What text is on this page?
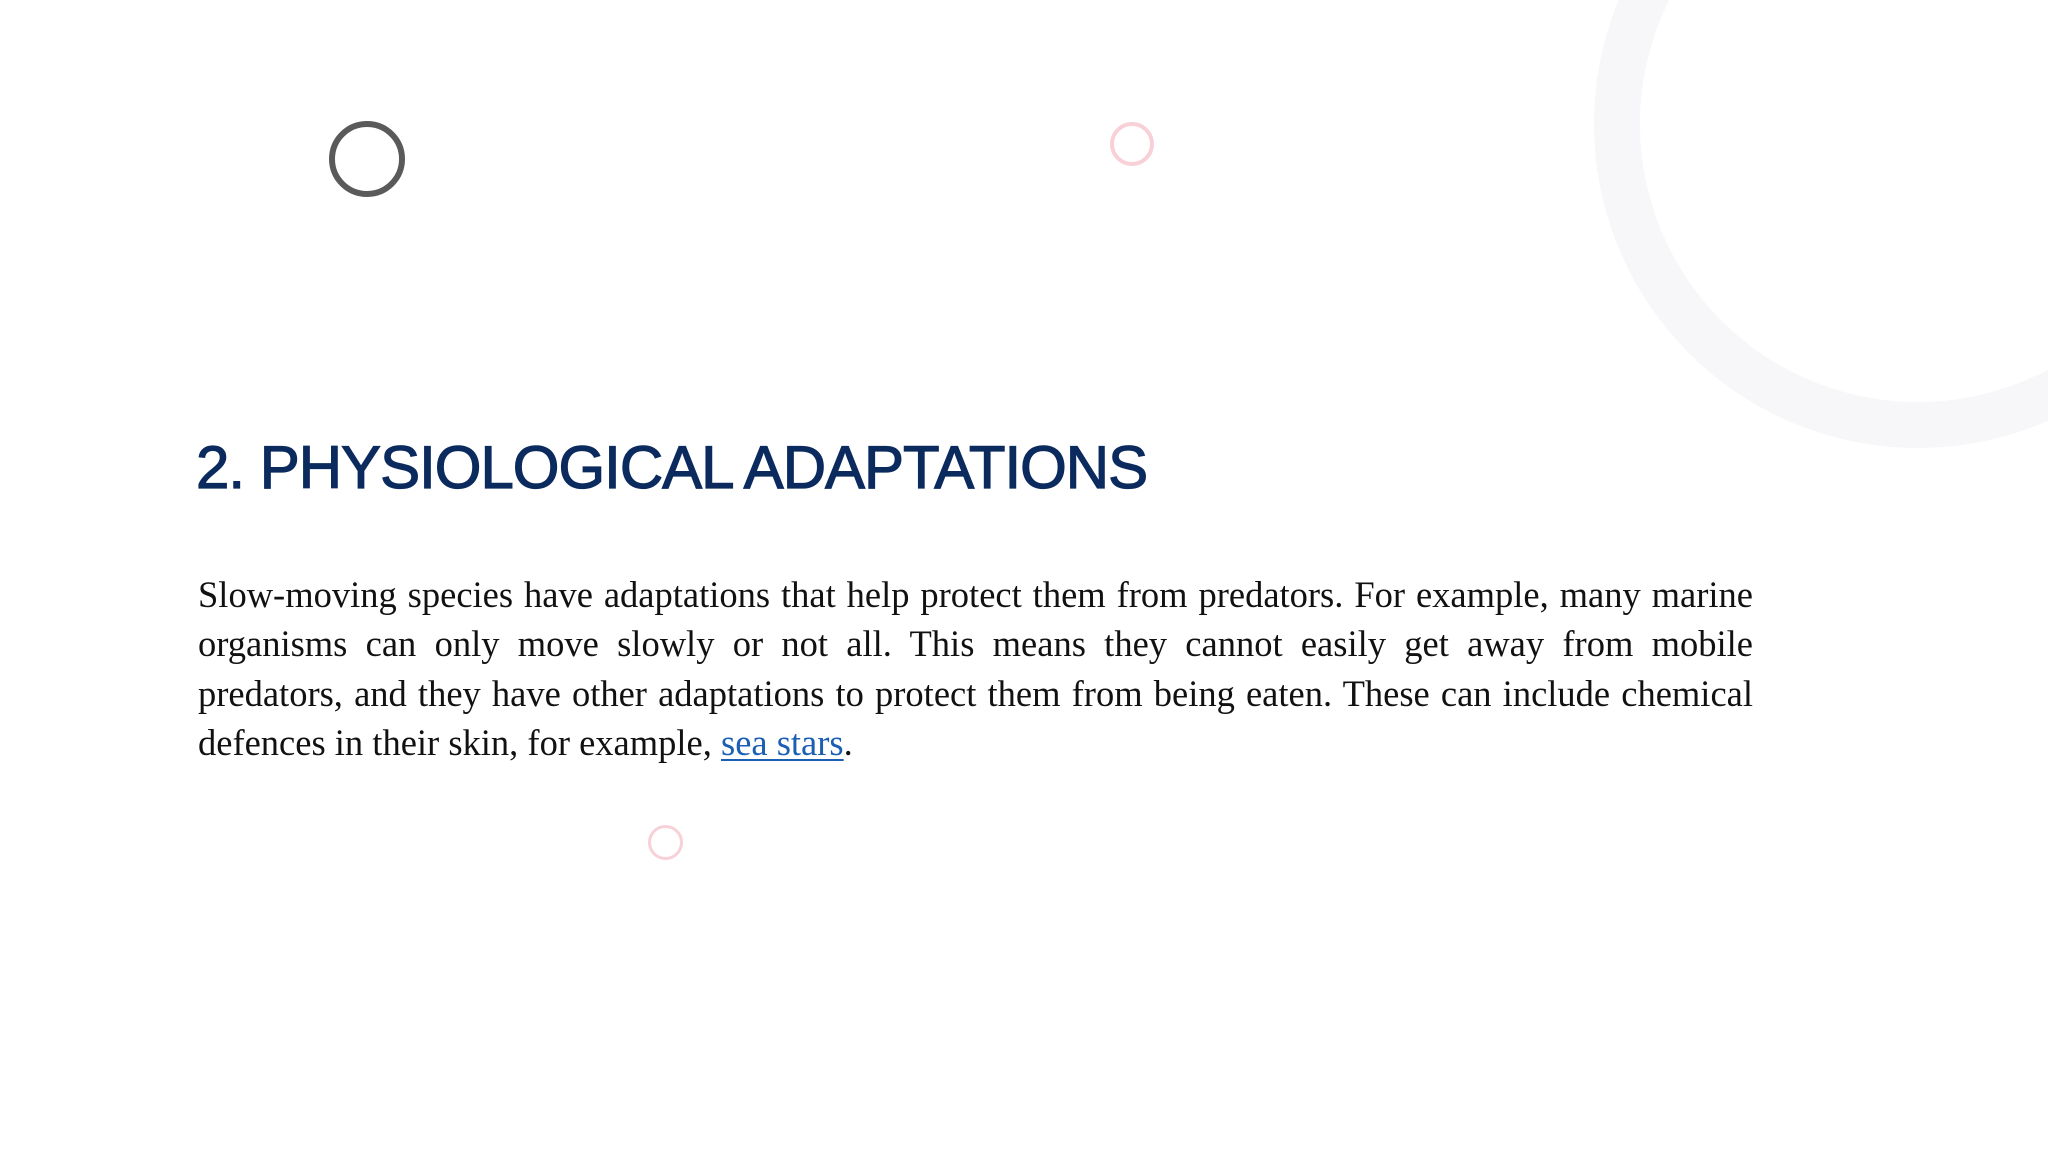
2. PHYSIOLOGICAL ADAPTATIONS

Slow-moving species have adaptations that help protect them from predators. For example, many marine organisms can only move slowly or not all. This means they cannot easily get away from mobile predators, and they have other adaptations to protect them from being eaten. These can include chemical defences in their skin, for example, sea stars.
